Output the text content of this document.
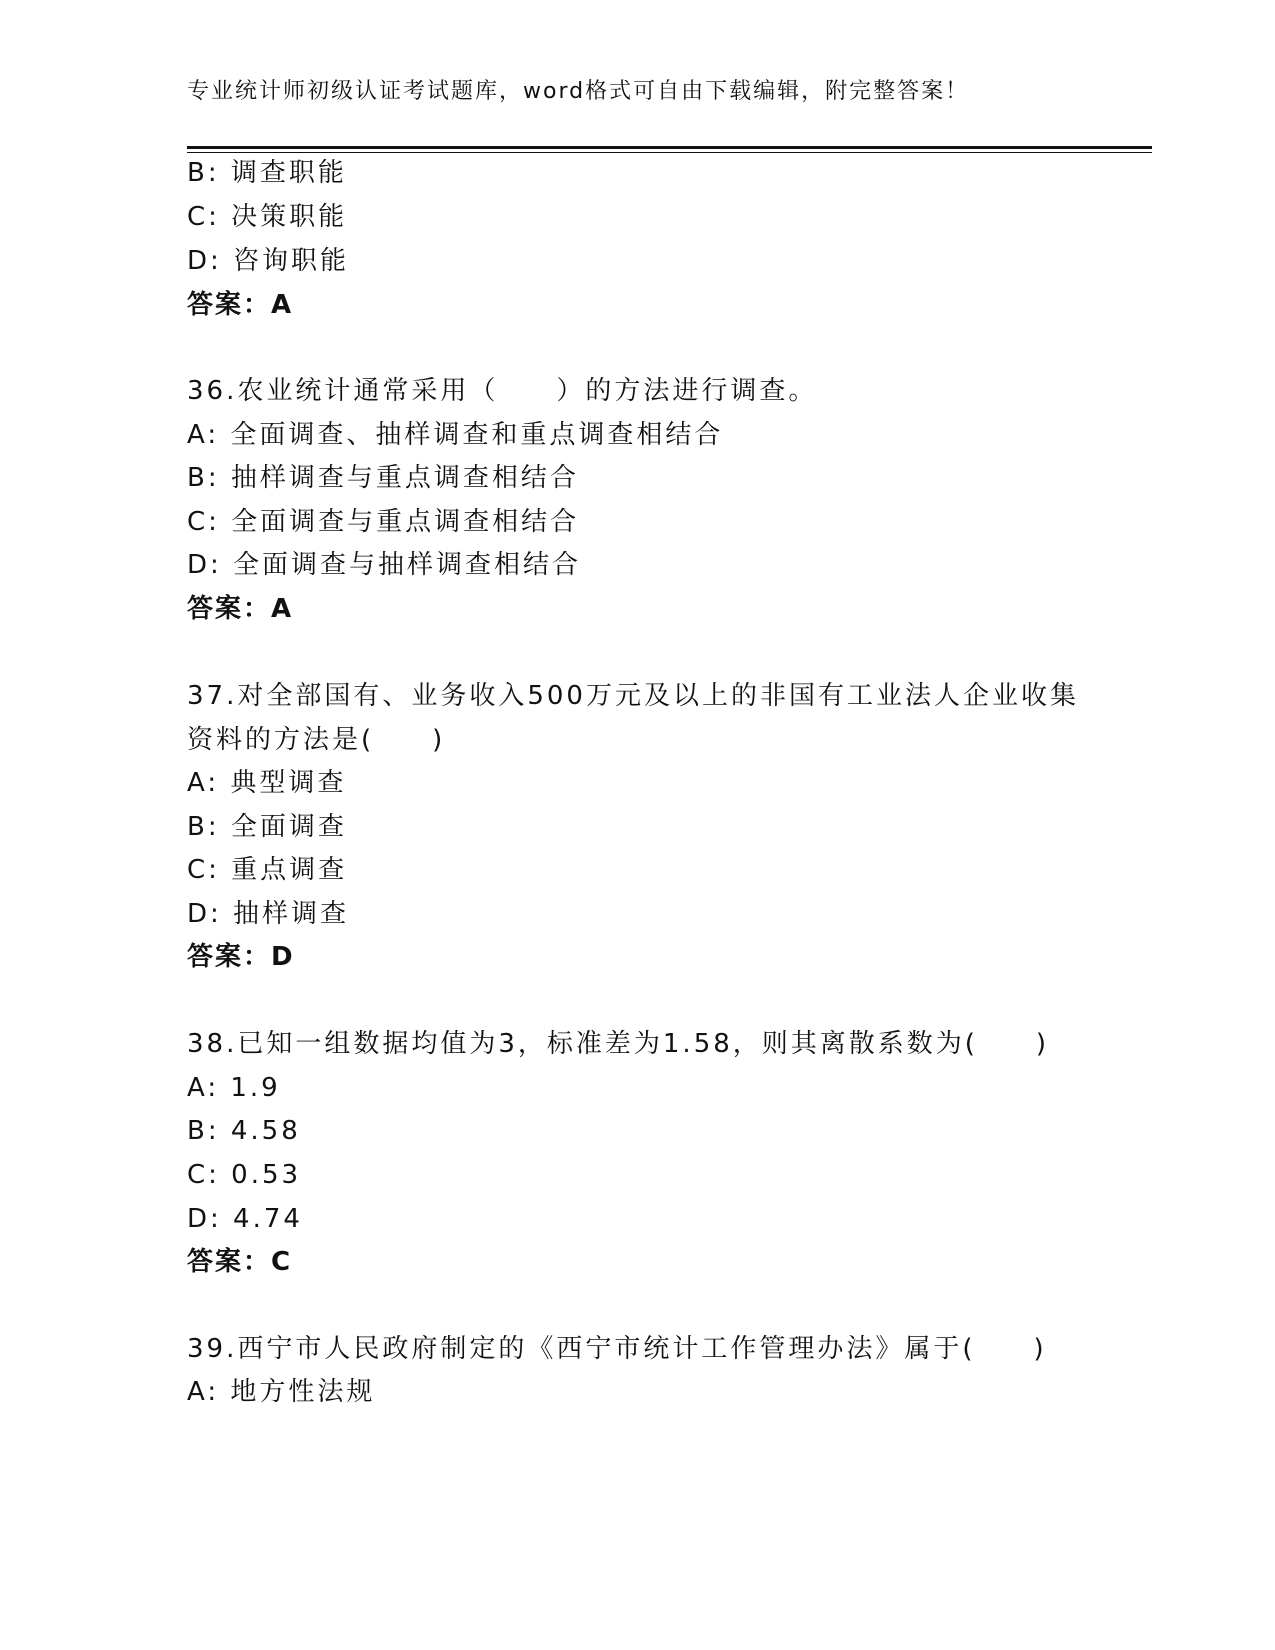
专业统计师初级认证考试题库，word格式可自由下载编辑，附完整答案！
B: 调查职能
C: 决策职能
D: 咨询职能
答案：A
36.农业统计通常采用（　　）的方法进行调查。
A: 全面调查、抽样调查和重点调查相结合
B: 抽样调查与重点调查相结合
C: 全面调查与重点调查相结合
D: 全面调查与抽样调查相结合
答案：A
37.对全部国有、业务收入500万元及以上的非国有工业法人企业收集
资料的方法是(　　)
A: 典型调查
B: 全面调查
C: 重点调查
D: 抽样调查
答案：D
38.已知一组数据均值为3，标准差为1.58，则其离散系数为(　　)
A: 1.9
B: 4.58
C: 0.53
D: 4.74
答案：C
39.西宁市人民政府制定的《西宁市统计工作管理办法》属于(　　)
A: 地方性法规
